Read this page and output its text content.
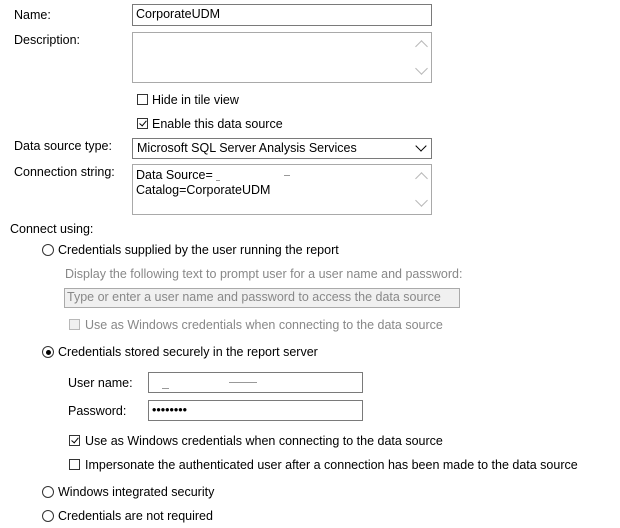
Name:	CorporateUDM
Description:
Hide in tile view
Enable this data source
Data source type:	Microsoft SQL Server Analysis Services
Connection string: Data Source=
Catalog=CorporateUDM
Connect using:
Credentials supplied by the user running the report
Display the following text to prompt user for a user name and password:
Type or enter a user name and password to access the data source
Use as Windows credentials when connecting to the data source
Credentials stored securely in the report server
User name:
Password:	••••••••
Use as Windows credentials when connecting to the data source
Impersonate the authenticated user after a connection has been made to the data source
Windows integrated security
Credentials are not required
